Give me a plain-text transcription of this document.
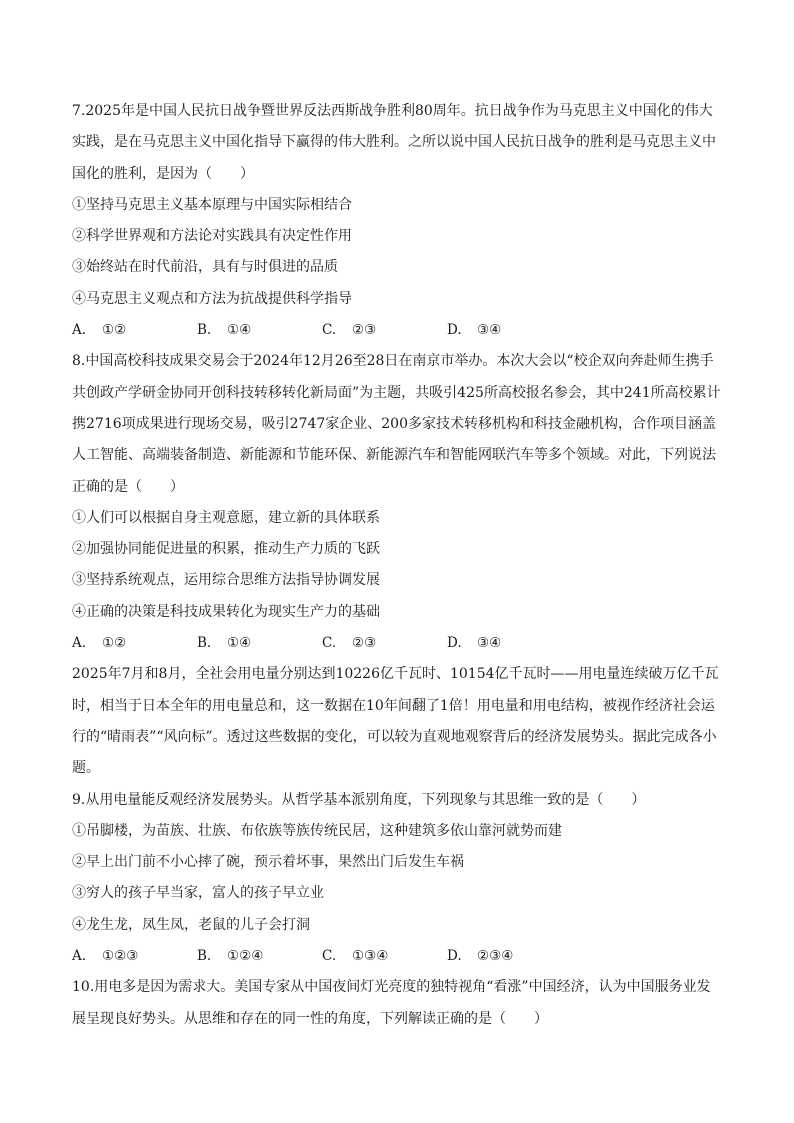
7.2025年是中国人民抗日战争暨世界反法西斯战争胜利80周年。抗日战争作为马克思主义中国化的伟大实践，是在马克思主义中国化指导下赢得的伟大胜利。之所以说中国人民抗日战争的胜利是马克思主义中国化的胜利，是因为（　　）

①坚持马克思主义基本原理与中国实际相结合

②科学世界观和方法论对实践具有决定性作用

③始终站在时代前沿，具有与时俱进的品质

④马克思主义观点和方法为抗战提供科学指导

A.	①②	B.	①④	C.	②③	D.	③④

8.中国高校科技成果交易会于2024年12月26至28日在南京市举办。本次大会以“校企双向奔赴师生携手共创政产学研金协同开创科技转移转化新局面”为主题，共吸引425所高校报名参会，其中241所高校累计携2716项成果进行现场交易，吸引2747家企业、200多家技术转移机构和科技金融机构，合作项目涵盖人工智能、高端装备制造、新能源和节能环保、新能源汽车和智能网联汽车等多个领域。对此，下列说法正确的是（　　）

①人们可以根据自身主观意愿，建立新的具体联系

②加强协同能促进量的积累，推动生产力质的飞跃

③坚持系统观点，运用综合思维方法指导协调发展

④正确的决策是科技成果转化为现实生产力的基础

A.	①②	B.	①④	C.	②③	D.	③④

2025年7月和8月，全社会用电量分别达到10226亿千瓦时、10154亿千瓦时——用电量连续破万亿千瓦时，相当于日本全年的用电量总和，这一数据在10年间翻了1倍！用电量和用电结构，被视作经济社会运行的“晴雨表”“风向标”。透过这些数据的变化，可以较为直观地观察背后的经济发展势头。据此完成各小题。

9.从用电量能反观经济发展势头。从哲学基本派别角度，下列现象与其思维一致的是（　　）

①吊脚楼，为苗族、壮族、布依族等族传统民居，这种建筑多依山靠河就势而建

②早上出门前不小心摔了碗，预示着坏事，果然出门后发生车祸

③穷人的孩子早当家，富人的孩子早立业

④龙生龙，凤生凤，老鼠的儿子会打洞

A.	①②③	B.	①②④	C.	①③④	D.	②③④

10.用电多是因为需求大。美国专家从中国夜间灯光亮度的独特视角“看涨”中国经济，认为中国服务业发展呈现良好势头。从思维和存在的同一性的角度，下列解读正确的是（　　）
